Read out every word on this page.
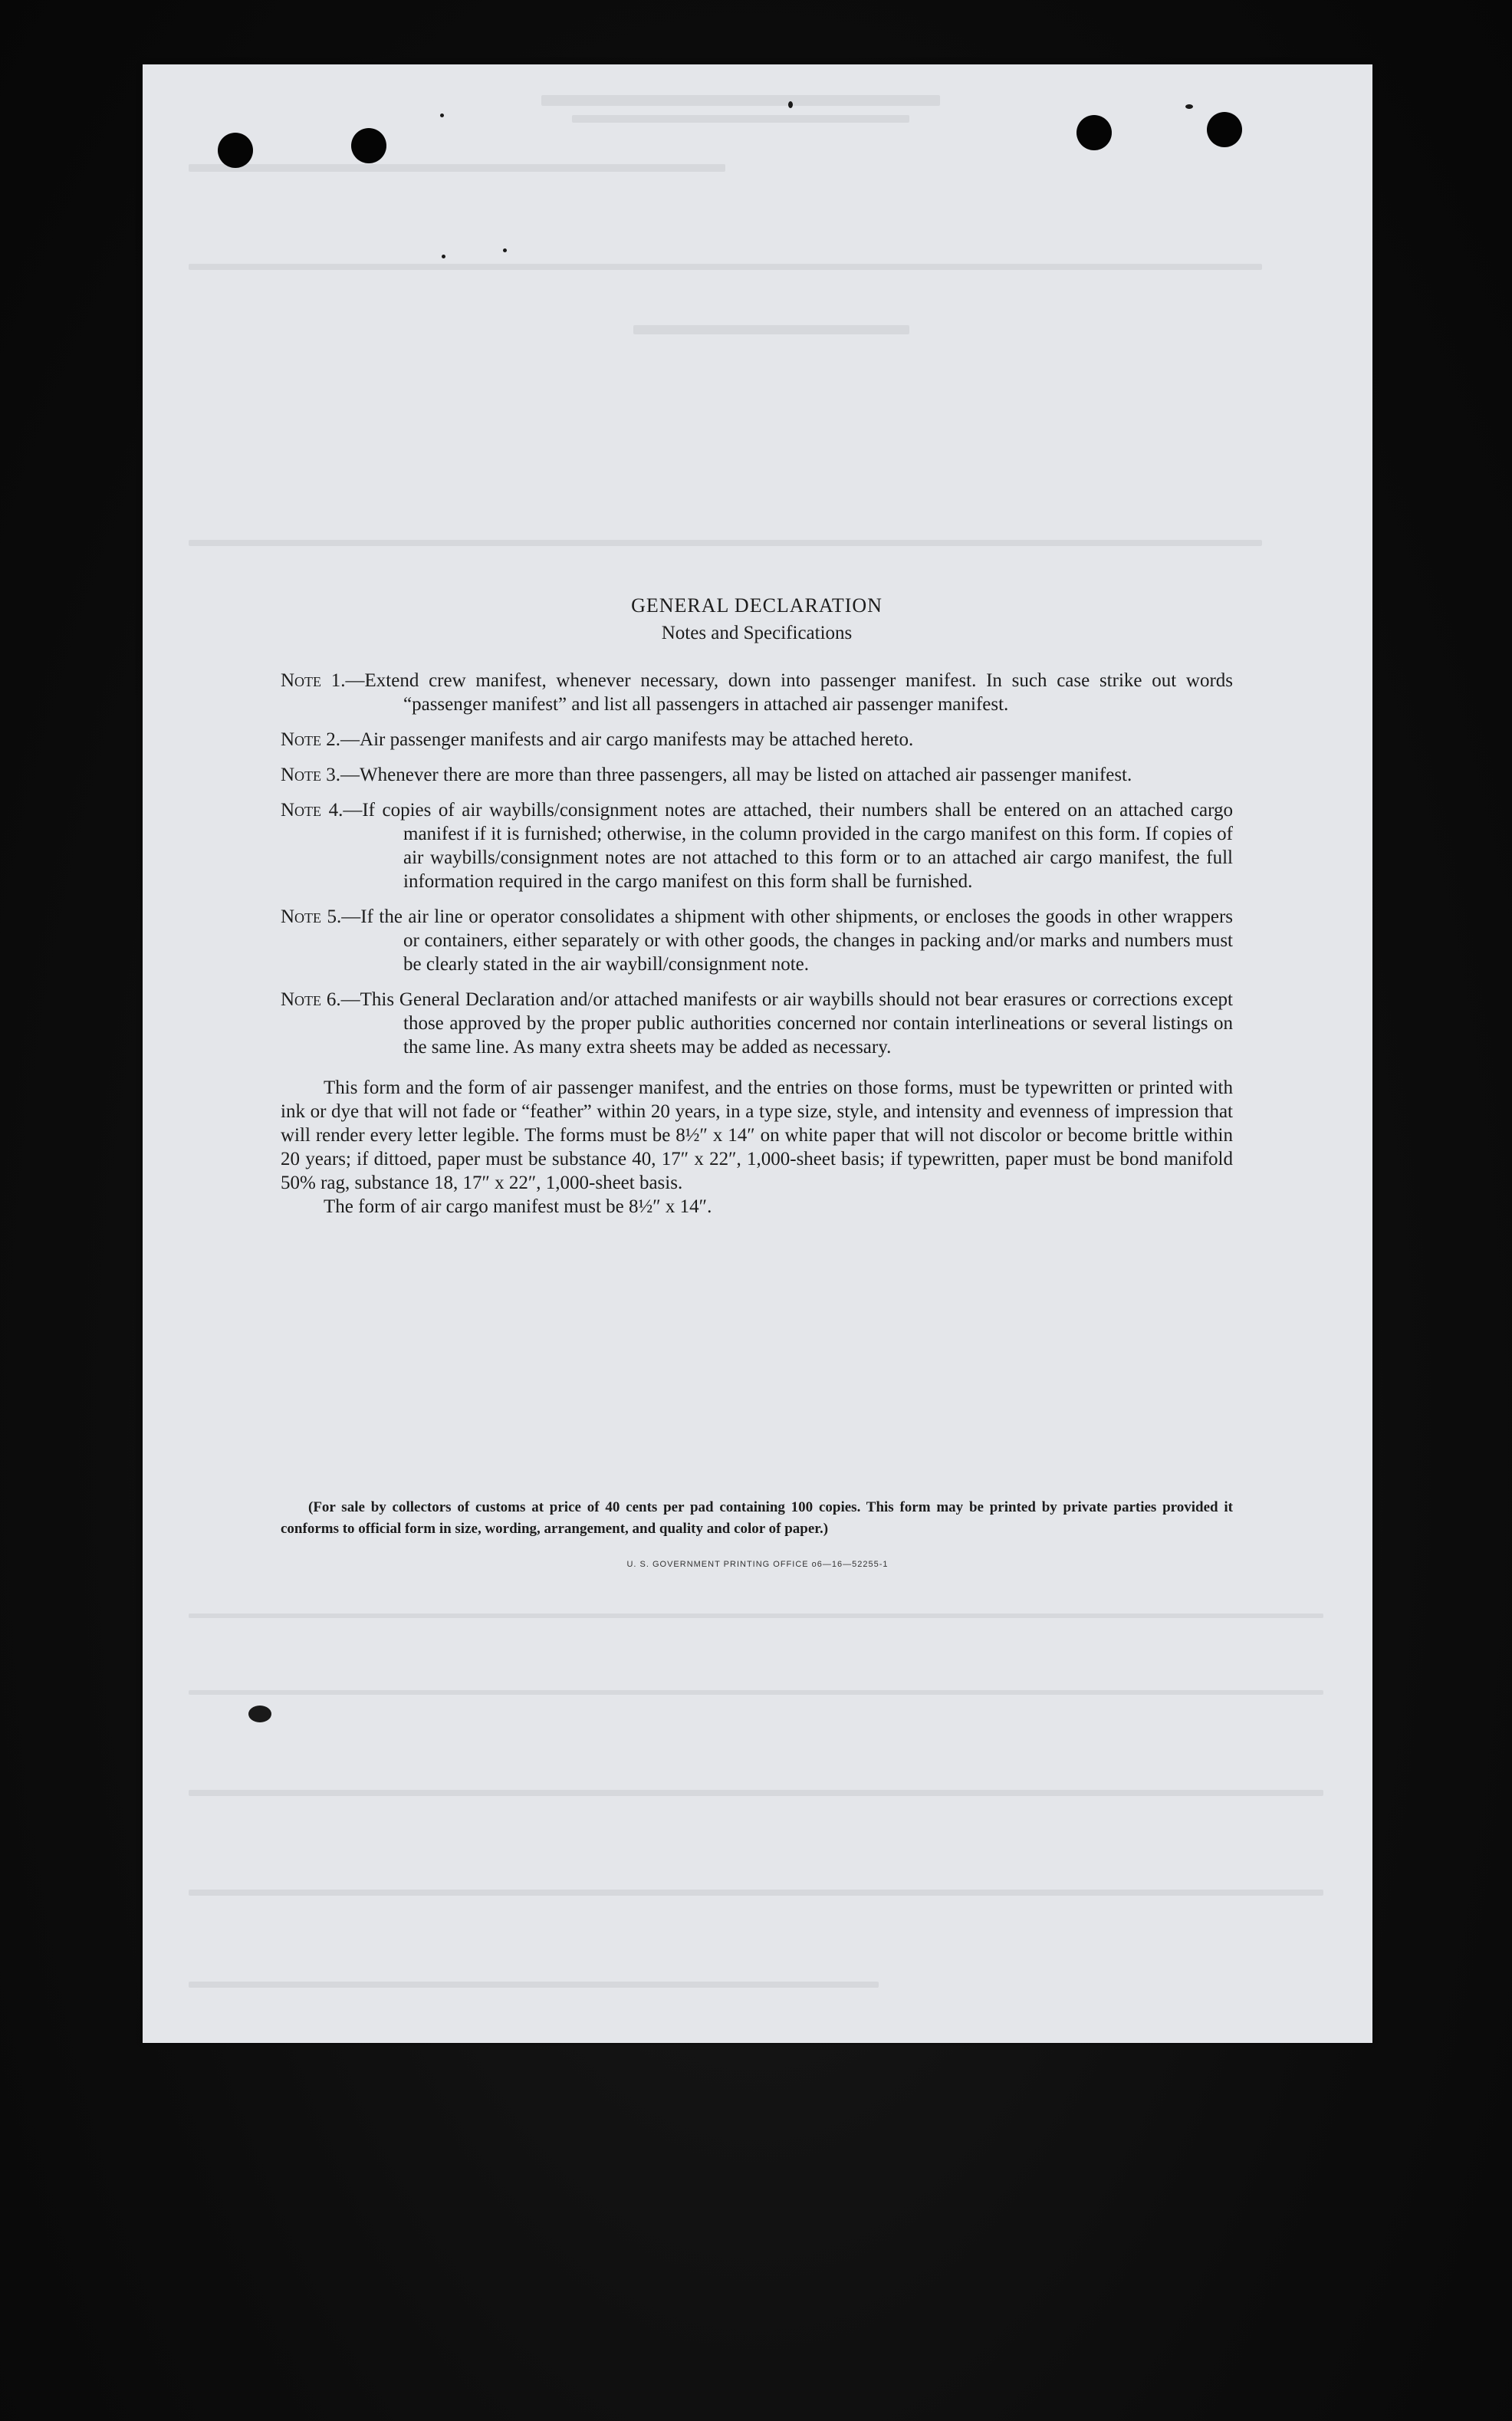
GENERAL DECLARATION

Notes and Specifications

Note 1.—Extend crew manifest, whenever necessary, down into passenger manifest. In such case strike out words “passenger manifest” and list all passengers in attached air passenger manifest.

Note 2.—Air passenger manifests and air cargo manifests may be attached hereto.

Note 3.—Whenever there are more than three passengers, all may be listed on attached air passenger manifest.

Note 4.—If copies of air waybills/consignment notes are attached, their numbers shall be entered on an attached cargo manifest if it is furnished; otherwise, in the column provided in the cargo manifest on this form. If copies of air waybills/consignment notes are not attached to this form or to an attached air cargo manifest, the full information required in the cargo manifest on this form shall be furnished.

Note 5.—If the air line or operator consolidates a shipment with other shipments, or encloses the goods in other wrappers or containers, either separately or with other goods, the changes in packing and/or marks and numbers must be clearly stated in the air waybill/consignment note.

Note 6.—This General Declaration and/or attached manifests or air waybills should not bear erasures or corrections except those approved by the proper public authorities concerned nor contain interlineations or several listings on the same line. As many extra sheets may be added as necessary.

This form and the form of air passenger manifest, and the entries on those forms, must be typewritten or printed with ink or dye that will not fade or “feather” within 20 years, in a type size, style, and intensity and evenness of impression that will render every letter legible. The forms must be 8½″ x 14″ on white paper that will not discolor or become brittle within 20 years; if dittoed, paper must be substance 40, 17″ x 22″, 1,000-sheet basis; if typewritten, paper must be bond manifold 50% rag, substance 18, 17″ x 22″, 1,000-sheet basis.

The form of air cargo manifest must be 8½″ x 14″.

(For sale by collectors of customs at price of 40 cents per pad containing 100 copies. This form may be printed by private parties provided it conforms to official form in size, wording, arrangement, and quality and color of paper.)

U. S. GOVERNMENT PRINTING OFFICE o6—16—52255-1
